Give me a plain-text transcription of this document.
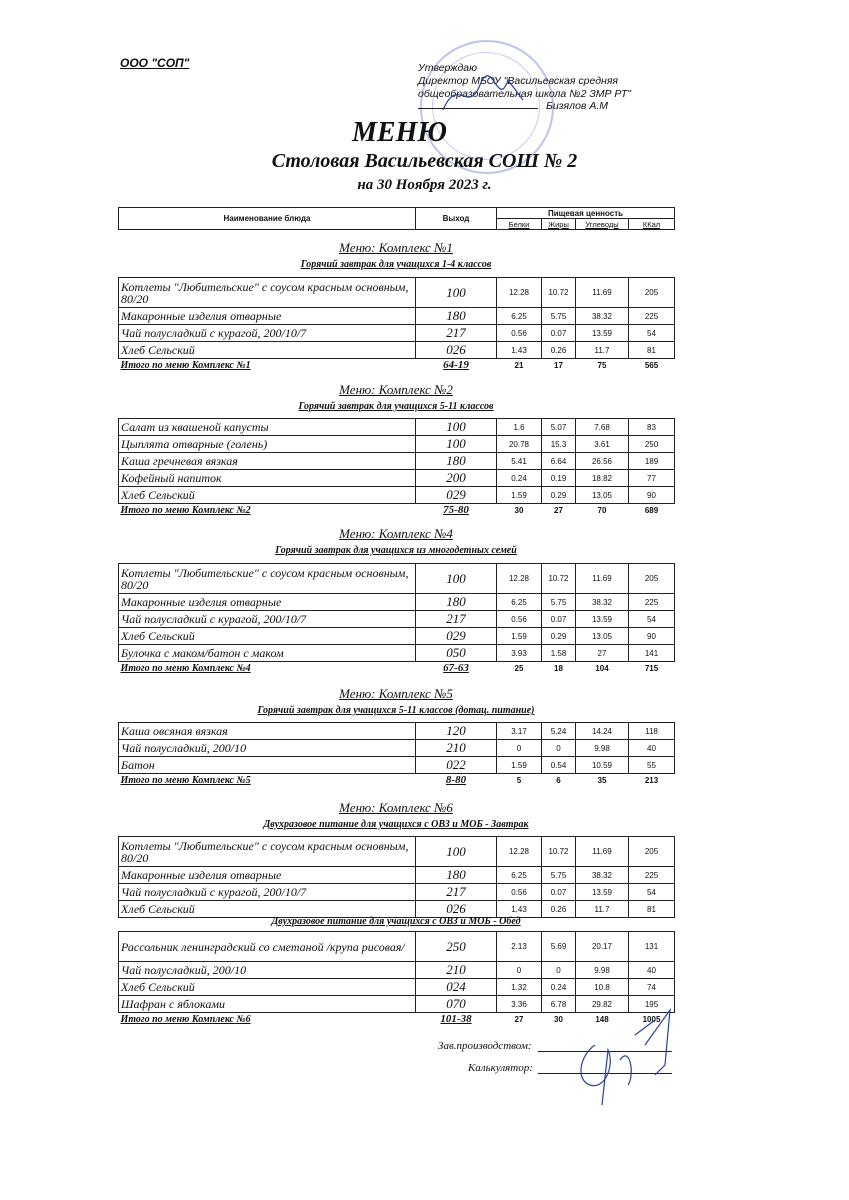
ООО "СОП"	Утверждаю
Директор МБОУ "Васильевская средняя
общеобразовательная школа №2 ЗМР РТ"
Бизялов А.М
МЕНЮ
Столовая Васильевская СОШ № 2
на 30 Ноября 2023 г.
Наименование блюда	Выход	Пищевая ценность			
		Белки	Жиры	Углеводы	ККал
Меню: Комплекс №1
Горячий завтрак для учащихся 1-4 классов
Котлеты "Любительские" с соусом красным основным, 80/20	100	12.28	10.72	11.69	205
Макаронные изделия отварные	180	6.25	5.75	38.32	225
Чай полусладкий с курагой, 200/10/7	217	0.56	0.07	13.59	54
Хлеб Сельский	026	1.43	0.26	11.7	81
Итого по меню Комплекс №1	64-19	21	17	75	565
Меню: Комплекс №2
Горячий завтрак для учащихся 5-11 классов
Салат из квашеной капусты	100	1.6	5.07	7.68	83
Цыплята отварные (голень)	100	20.78	15.3	3.61	250
Каша гречневая вязкая	180	5.41	6.64	26.56	189
Кофейный напиток	200	0.24	0.19	18.82	77
Хлеб Сельский	029	1.59	0.29	13.05	90
Итого по меню Комплекс №2	75-80	30	27	70	689
Меню: Комплекс №4
Горячий завтрак для учащихся из многодетных семей
Котлеты "Любительские" с соусом красным основным, 80/20	100	12.28	10.72	11.69	205
Макаронные изделия отварные	180	6.25	5.75	38.32	225
Чай полусладкий с курагой, 200/10/7	217	0.56	0.07	13.59	54
Хлеб Сельский	029	1.59	0.29	13.05	90
Булочка с маком/батон с маком	050	3.93	1.58	27	141
Итого по меню Комплекс №4	67-63	25	18	104	715
Меню: Комплекс №5
Горячий завтрак для учащихся 5-11 классов (дотац. питание)
Каша овсяная вязкая	120	3.17	5.24	14.24	118
Чай полусладкий, 200/10	210	0	0	9.98	40
Батон	022	1.59	0.54	10.59	55
Итого по меню Комплекс №5	8-80	5	6	35	213
Меню: Комплекс №6
Двухразовое питание для учащихся с ОВЗ и МОБ - Завтрак
Котлеты "Любительские" с соусом красным основным, 80/20	100	12.28	10.72	11.69	205
Макаронные изделия отварные	180	6.25	5.75	38.32	225
Чай полусладкий с курагой, 200/10/7	217	0.56	0.07	13.59	54
Хлеб Сельский	026	1.43	0.26	11.7	81
Двухразовое питание для учащихся с ОВЗ и МОБ - Обед
Рассольник ленинградский со сметаной /крупа рисовая/	250	2.13	5.69	20.17	131
Чай полусладкий, 200/10	210	0	0	9.98	40
Хлеб Сельский	024	1.32	0.24	10.8	74
Шафран с яблоками	070	3.36	6.78	29.82	195
Итого по меню Комплекс №6	101-38	27	30	148	1005
Зав.производством:
Калькулятор:
